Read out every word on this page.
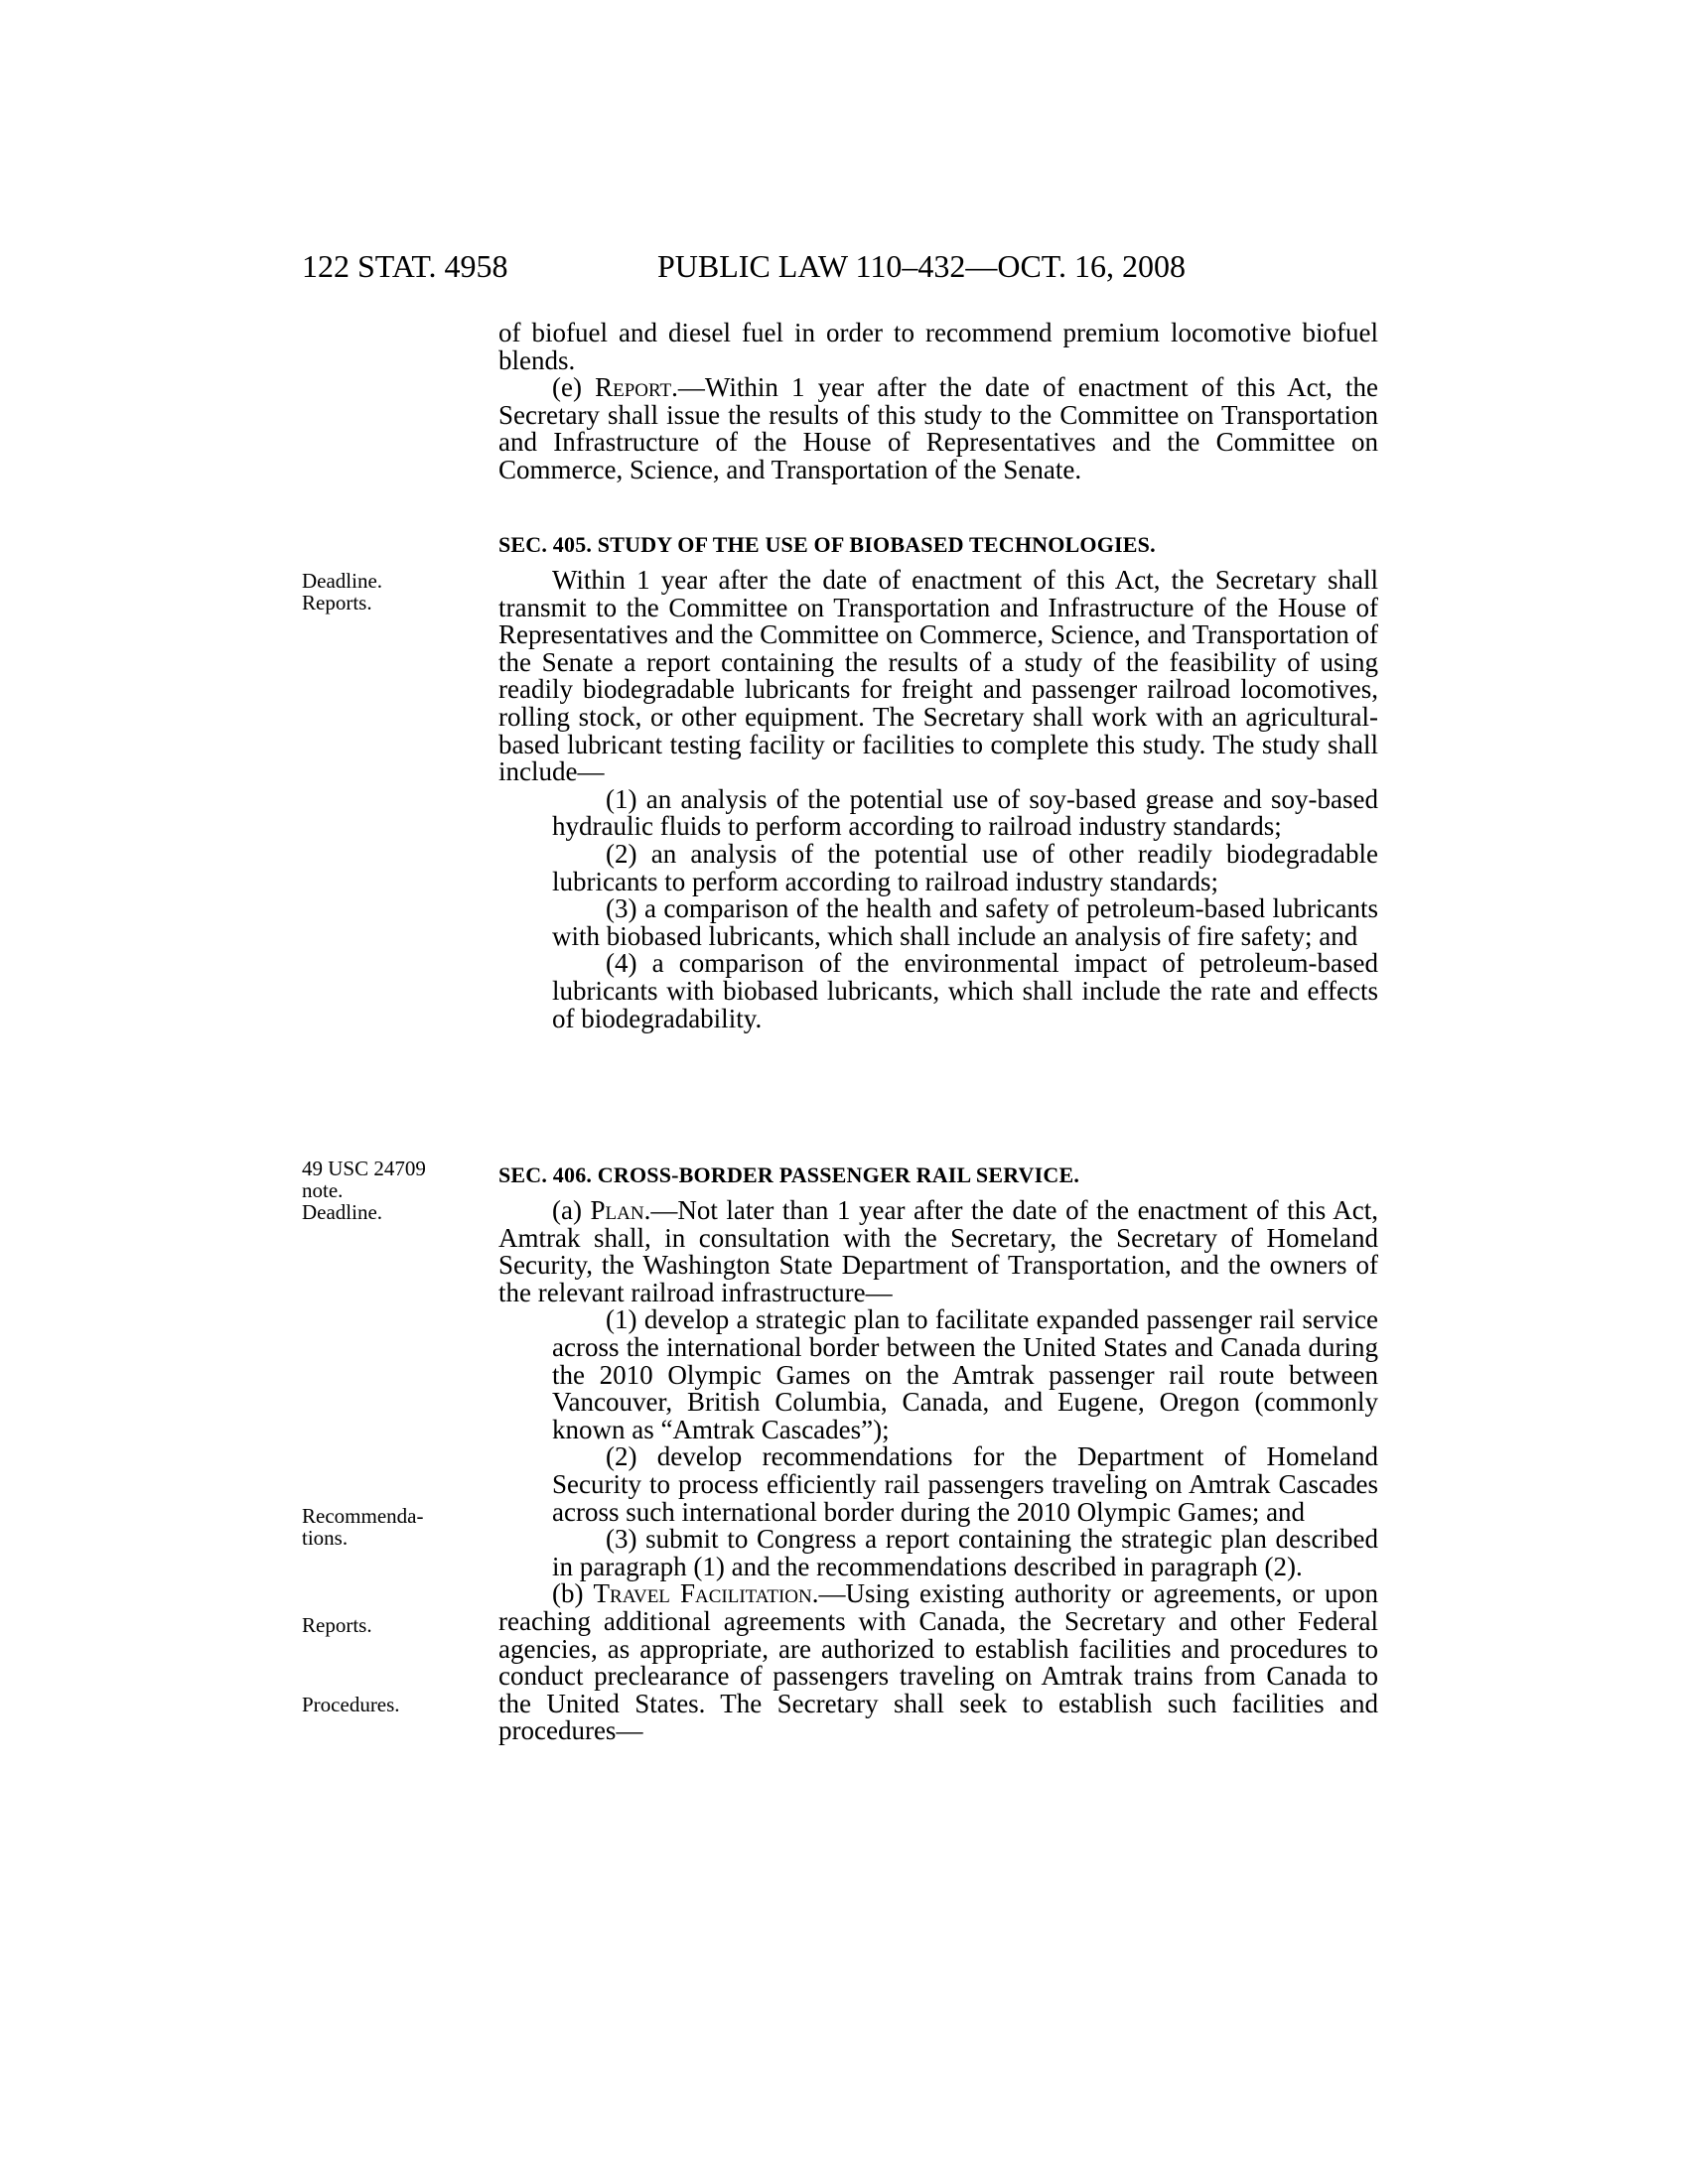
122 STAT. 4958	PUBLIC LAW 110–432—OCT. 16, 2008
Deadline.
Reports.
49 USC 24709
note.
Deadline.
Recommenda-
tions.
Reports.
Procedures.

of biofuel and diesel fuel in order to recommend premium locomotive biofuel blends.

(e) Report.—Within 1 year after the date of enactment of this Act, the Secretary shall issue the results of this study to the Committee on Transportation and Infrastructure of the House of Representatives and the Committee on Commerce, Science, and Transportation of the Senate.

SEC. 405. STUDY OF THE USE OF BIOBASED TECHNOLOGIES.

Within 1 year after the date of enactment of this Act, the Secretary shall transmit to the Committee on Transportation and Infrastructure of the House of Representatives and the Committee on Commerce, Science, and Transportation of the Senate a report containing the results of a study of the feasibility of using readily biodegradable lubricants for freight and passenger railroad locomotives, rolling stock, or other equipment. The Secretary shall work with an agricultural-based lubricant testing facility or facilities to complete this study. The study shall include—

(1) an analysis of the potential use of soy-based grease and soy-based hydraulic fluids to perform according to railroad industry standards;

(2) an analysis of the potential use of other readily biodegradable lubricants to perform according to railroad industry standards;

(3) a comparison of the health and safety of petroleum-based lubricants with biobased lubricants, which shall include an analysis of fire safety; and

(4) a comparison of the environmental impact of petroleum-based lubricants with biobased lubricants, which shall include the rate and effects of biodegradability.

SEC. 406. CROSS-BORDER PASSENGER RAIL SERVICE.

(a) Plan.—Not later than 1 year after the date of the enactment of this Act, Amtrak shall, in consultation with the Secretary, the Secretary of Homeland Security, the Washington State Department of Transportation, and the owners of the relevant railroad infrastructure—

(1) develop a strategic plan to facilitate expanded passenger rail service across the international border between the United States and Canada during the 2010 Olympic Games on the Amtrak passenger rail route between Vancouver, British Columbia, Canada, and Eugene, Oregon (commonly known as “Amtrak Cascades”);

(2) develop recommendations for the Department of Homeland Security to process efficiently rail passengers traveling on Amtrak Cascades across such international border during the 2010 Olympic Games; and

(3) submit to Congress a report containing the strategic plan described in paragraph (1) and the recommendations described in paragraph (2).

(b) Travel Facilitation.—Using existing authority or agreements, or upon reaching additional agreements with Canada, the Secretary and other Federal agencies, as appropriate, are authorized to establish facilities and procedures to conduct preclearance of passengers traveling on Amtrak trains from Canada to the United States. The Secretary shall seek to establish such facilities and procedures—
